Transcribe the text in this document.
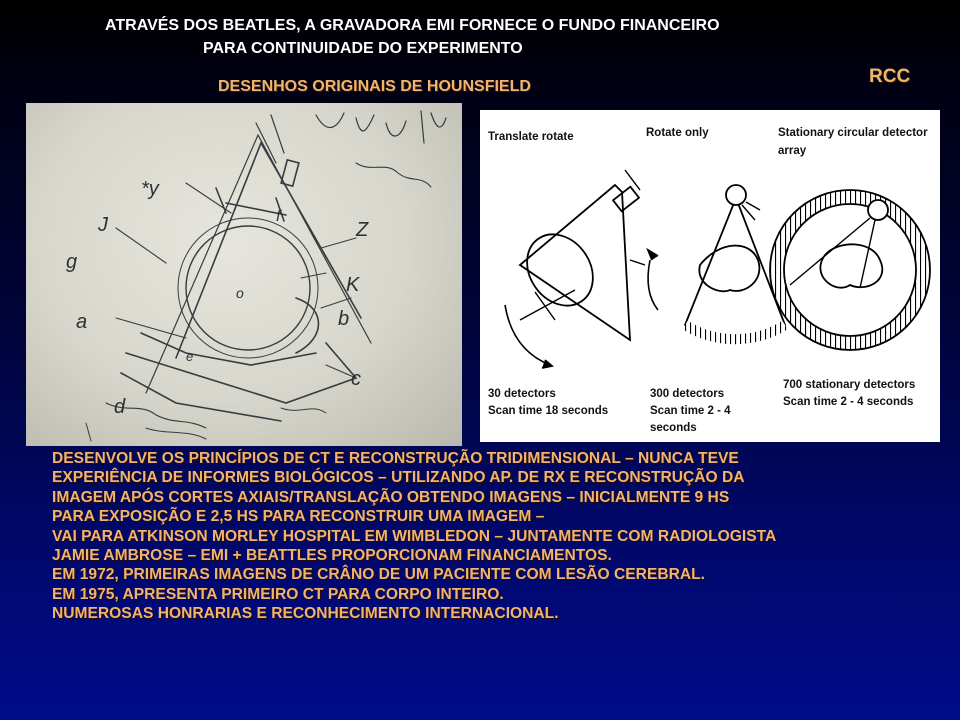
ATRAVÉS DOS BEATLES, A GRAVADORA EMI FORNECE O FUNDO FINANCEIRO
PARA CONTINUIDADE DO EXPERIMENTO
DESENHOS ORIGINAIS DE HOUNSFIELD	RCC
*y
J
g
a
d
Z
K
b
c
e
f
o
Translate rotate	Rotate only	Stationary circular detector
array
30 detectors
Scan time 18 seconds
300 detectors
Scan time 2 - 4
seconds
700 stationary detectors
Scan time 2 - 4 seconds
DESENVOLVE OS PRINCÍPIOS DE CT E RECONSTRUÇÃO TRIDIMENSIONAL – NUNCA TEVE
EXPERIÊNCIA DE INFORMES BIOLÓGICOS – UTILIZANDO AP. DE RX E RECONSTRUÇÃO DA
IMAGEM APÓS CORTES AXIAIS/TRANSLAÇÃO OBTENDO IMAGENS – INICIALMENTE 9 HS
PARA EXPOSIÇÃO E 2,5 HS PARA RECONSTRUIR UMA IMAGEM –
VAI PARA ATKINSON MORLEY HOSPITAL EM WIMBLEDON – JUNTAMENTE COM RADIOLOGISTA
JAMIE AMBROSE – EMI + BEATTLES PROPORCIONAM FINANCIAMENTOS.
EM 1972, PRIMEIRAS IMAGENS DE CRÂNO DE UM PACIENTE COM LESÃO CEREBRAL.
EM 1975, APRESENTA PRIMEIRO CT PARA CORPO INTEIRO.
NUMEROSAS HONRARIAS E RECONHECIMENTO INTERNACIONAL.
